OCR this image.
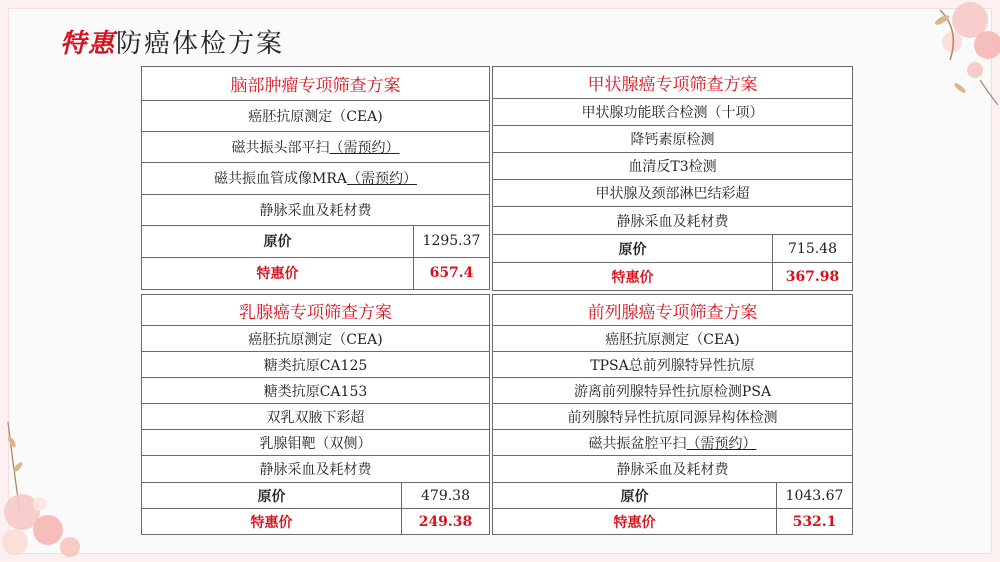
特惠防癌体检方案
脑部肿瘤专项筛查方案	
癌胚抗原测定（CEA)	
磁共振头部平扫（需预约）	
磁共振血管成像MRA（需预约）	
静脉采血及耗材费	
原价	1295.37
特惠价	657.4
甲状腺癌专项筛查方案	
甲状腺功能联合检测（十项）	
降钙素原检测	
血清反T3检测	
甲状腺及颈部淋巴结彩超	
静脉采血及耗材费	
原价	715.48
特惠价	367.98
乳腺癌专项筛查方案	
癌胚抗原测定（CEA)	
糖类抗原CA125	
糖类抗原CA153	
双乳双腋下彩超	
乳腺钼靶（双侧）	
静脉采血及耗材费	
原价	479.38
特惠价	249.38
前列腺癌专项筛查方案	
癌胚抗原测定（CEA)	
TPSA总前列腺特异性抗原	
游离前列腺特异性抗原检测PSA	
前列腺特异性抗原同源异构体检测	
磁共振盆腔平扫（需预约）	
静脉采血及耗材费	
原价	1043.67
特惠价	532.1
